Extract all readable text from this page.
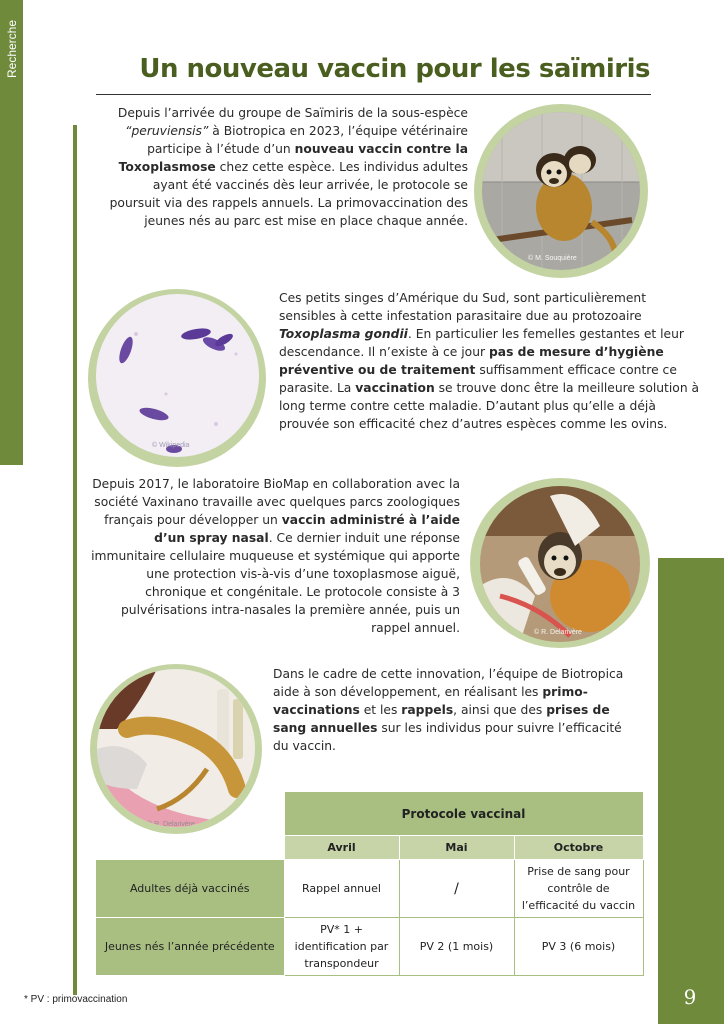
Recherche	Un nouveau vaccin pour les saïmiris

Depuis l’arrivée du groupe de Saïmiris de la sous-espèce “peruviensis” à Biotropica en 2023, l’équipe vétérinaire participe à l’étude d’un nouveau vaccin contre la Toxoplasmose chez cette espèce. Les individus adultes ayant été vaccinés dès leur arrivée, le protocole se poursuit via des rappels annuels. La primovaccination des jeunes nés au parc est mise en place chaque année.

© M. Souquière
© Wikipedia

Ces petits singes d’Amérique du Sud, sont particulièrement sensibles à cette infestation parasitaire due au protozoaire Toxoplasma gondii. En particulier les femelles gestantes et leur descendance. Il n’existe à ce jour pas de mesure d’hygiène préventive ou de traitement suffisamment efficace contre ce parasite. La vaccination se trouve donc être la meilleure solution à long terme contre cette maladie. D’autant plus qu’elle a déjà prouvée son efficacité chez d’autres espèces comme les ovins.

Depuis 2017, le laboratoire BioMap en collaboration avec la société Vaxinano travaille avec quelques parcs zoologiques français pour développer un vaccin administré à l’aide d’un spray nasal. Ce dernier induit une réponse immunitaire cellulaire muqueuse et systémique qui apporte une protection vis-à-vis d’une toxoplasmose aiguë, chronique et congénitale. Le protocole consiste à 3 pulvérisations intra-nasales la première année, puis un rappel annuel.	© R. Delarivère
© R. Delarivère

Dans le cadre de cette innovation, l’équipe de Biotropica aide à son développement, en réalisant les primo-vaccinations et les rappels, ainsi que des prises de sang annuelles sur les individus pour suivre l’efficacité du vaccin.

9
	Protocole vaccinal		
	Avril	Mai	Octobre
Adultes déjà vaccinés	Rappel annuel	/	Prise de sang pour contrôle de l’efficacité du vaccin
Jeunes nés l’année précédente	PV* 1 + identification par transpondeur	PV 2 (1 mois)	PV 3 (6 mois)
* PV : primovaccination
